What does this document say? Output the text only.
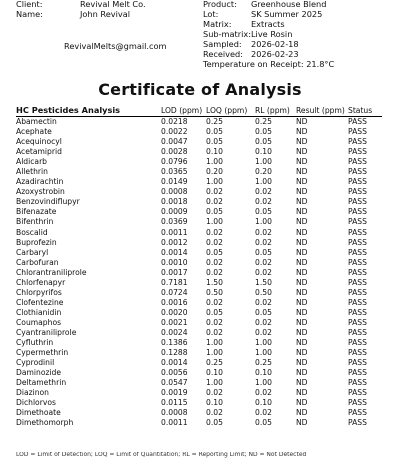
Client:	Revival Melt Co.
Name:	John Revival
RevivalMelts@gmail.com
Product:	Greenhouse Blend
Lot:	SK Summer 2025
Matrix:	Extracts
Sub-matrix: Live Rosin
Sampled:	2026-02-18
Received: 2026-02-23
Temperature on Receipt: 21.8°C
Certificate of Analysis
HC Pesticides Analysis	LOD (ppm)	LOQ (ppm)	RL (ppm)	Result (ppm)	Status
Abamectin	0.0218	0.25	0.25	ND	PASS
Acephate	0.0022	0.05	0.05	ND	PASS
Acequinocyl	0.0047	0.05	0.05	ND	PASS
Acetamiprid	0.0028	0.10	0.10	ND	PASS
Aldicarb	0.0796	1.00	1.00	ND	PASS
Allethrin	0.0365	0.20	0.20	ND	PASS
Azadirachtin	0.0149	1.00	1.00	ND	PASS
Azoxystrobin	0.0008	0.02	0.02	ND	PASS
Benzovindiflupyr	0.0018	0.02	0.02	ND	PASS
Bifenazate	0.0009	0.05	0.05	ND	PASS
Bifenthrin	0.0369	1.00	1.00	ND	PASS
Boscalid	0.0011	0.02	0.02	ND	PASS
Buprofezin	0.0012	0.02	0.02	ND	PASS
Carbaryl	0.0014	0.05	0.05	ND	PASS
Carbofuran	0.0010	0.02	0.02	ND	PASS
Chlorantraniliprole	0.0017	0.02	0.02	ND	PASS
Chlorfenapyr	0.7181	1.50	1.50	ND	PASS
Chlorpyrifos	0.0724	0.50	0.50	ND	PASS
Clofentezine	0.0016	0.02	0.02	ND	PASS
Clothianidin	0.0020	0.05	0.05	ND	PASS
Coumaphos	0.0021	0.02	0.02	ND	PASS
Cyantraniliprole	0.0024	0.02	0.02	ND	PASS
Cyfluthrin	0.1386	1.00	1.00	ND	PASS
Cypermethrin	0.1288	1.00	1.00	ND	PASS
Cyprodinil	0.0014	0.25	0.25	ND	PASS
Daminozide	0.0056	0.10	0.10	ND	PASS
Deltamethrin	0.0547	1.00	1.00	ND	PASS
Diazinon	0.0019	0.02	0.02	ND	PASS
Dichlorvos	0.0115	0.10	0.10	ND	PASS
Dimethoate	0.0008	0.02	0.02	ND	PASS
Dimethomorph	0.0011	0.05	0.05	ND	PASS
LOD = Limit of Detection; LOQ = Limit of Quantitation; RL = Reporting Limit; ND = Not Detected
